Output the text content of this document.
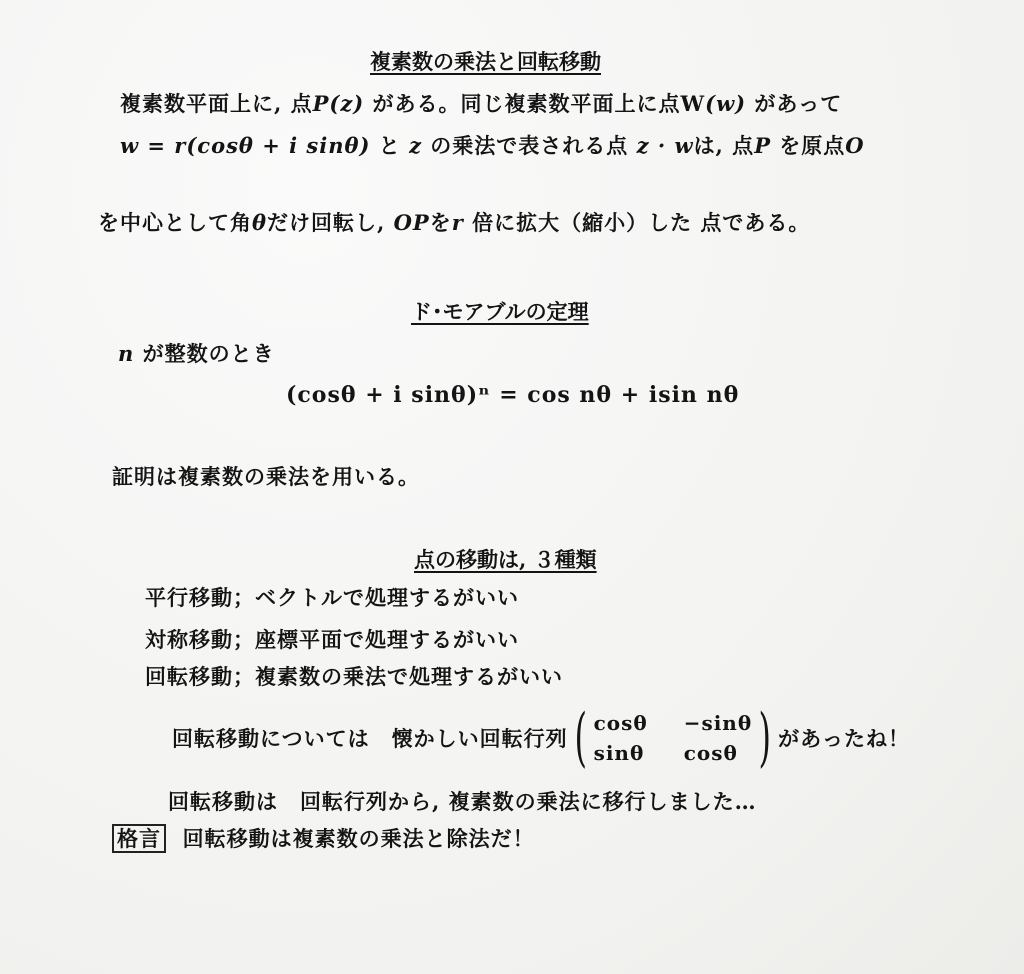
複素数の乗法と回転移動
複素数平面上に, 点P(z) がある。同じ複素数平面上に点W(w) があって
w = r(cosθ + i sinθ) と z の乗法で表される点 z · wは, 点P を原点O
を中心として角θだけ回転し, OPをr 倍に拡大（縮小）した 点である。
ド･モアブルの定理
n が整数のとき
(cosθ + i sinθ)ⁿ = cos nθ + isin nθ
証明は複素数の乗法を用いる。
点の移動は, ３種類
平行移動；ベクトルで処理するがいい
対称移動；座標平面で処理するがいい
回転移動；複素数の乗法で処理するがいい
回転移動については　懐かしい回転行列 ( cosθ −sinθ
sinθ cosθ ) があったね！
回転移動は　回転行列から, 複素数の乗法に移行しました…
格言 回転移動は複素数の乗法と除法だ！
